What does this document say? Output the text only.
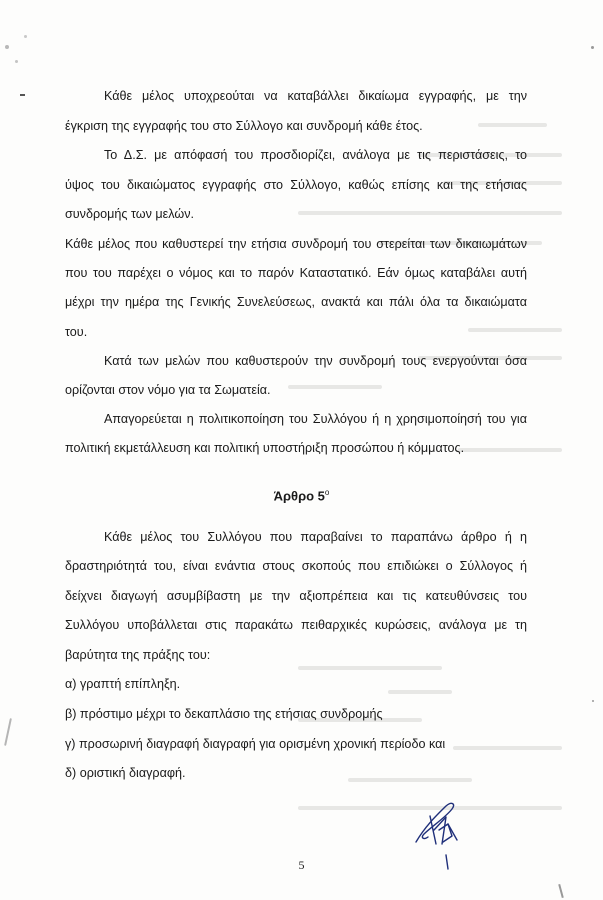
Κάθε μέλος υποχρεούται να καταβάλλει δικαίωμα εγγραφής, με την
έγκριση της εγγραφής του στο Σύλλογο και συνδρομή κάθε έτος.
Το Δ.Σ. με απόφασή του προσδιορίζει, ανάλογα με τις περιστάσεις, το
ύψος του δικαιώματος εγγραφής στο Σύλλογο, καθώς επίσης και της ετήσιας
συνδρομής των μελών.
Κάθε μέλος που καθυστερεί την ετήσια συνδρομή του στερείται των δικαιωμάτων
που του παρέχει ο νόμος και το παρόν Καταστατικό. Εάν όμως καταβάλει αυτή
μέχρι την ημέρα της Γενικής Συνελεύσεως, ανακτά και πάλι όλα τα δικαιώματα
του.
Κατά των μελών που καθυστερούν την συνδρομή τους ενεργούνται όσα
ορίζονται στον νόμο για τα Σωματεία.
Απαγορεύεται η πολιτικοποίηση του Συλλόγου ή η χρησιμοποίησή του για
πολιτική εκμετάλλευση και πολιτική υποστήριξη προσώπου ή κόμματος.
Άρθρο $5^o$
Κάθε μέλος του Συλλόγου που παραβαίνει το παραπάνω άρθρο ή η
δραστηριότητά του, είναι ενάντια στους σκοπούς που επιδιώκει ο Σύλλογος ή
δείχνει διαγωγή ασυμβίβαστη με την αξιοπρέπεια και τις κατευθύνσεις του
Συλλόγου υποβάλλεται στις παρακάτω πειθαρχικές κυρώσεις, ανάλογα με τη
βαρύτητα της πράξης του:
α) γραπτή επίπληξη.
β) πρόστιμο μέχρι το δεκαπλάσιο της ετήσιας συνδρομής
γ) προσωρινή διαγραφή διαγραφή για ορισμένη χρονική περίοδο και
δ) οριστική διαγραφή.
5
